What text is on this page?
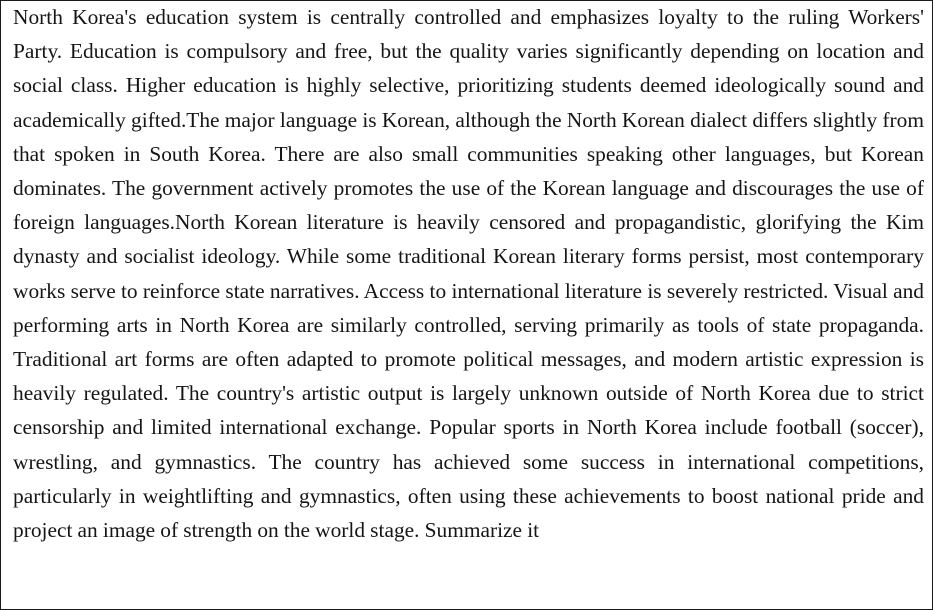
North Korea's education system is centrally controlled and emphasizes loyalty to the ruling Workers' Party. Education is compulsory and free, but the quality varies significantly depending on location and social class. Higher education is highly selective, prioritizing students deemed ideologically sound and academically gifted.The major language is Korean, although the North Korean dialect differs slightly from that spoken in South Korea. There are also small communities speaking other languages, but Korean dominates. The government actively promotes the use of the Korean language and discourages the use of foreign languages.North Korean literature is heavily censored and propagandistic, glorifying the Kim dynasty and socialist ideology. While some traditional Korean literary forms persist, most contemporary works serve to reinforce state narratives. Access to international literature is severely restricted. Visual and performing arts in North Korea are similarly controlled, serving primarily as tools of state propaganda. Traditional art forms are often adapted to promote political messages, and modern artistic expression is heavily regulated. The country's artistic output is largely unknown outside of North Korea due to strict censorship and limited international exchange. Popular sports in North Korea include football (soccer), wrestling, and gymnastics. The country has achieved some success in international competitions, particularly in weightlifting and gymnastics, often using these achievements to boost national pride and project an image of strength on the world stage. Summarize it
